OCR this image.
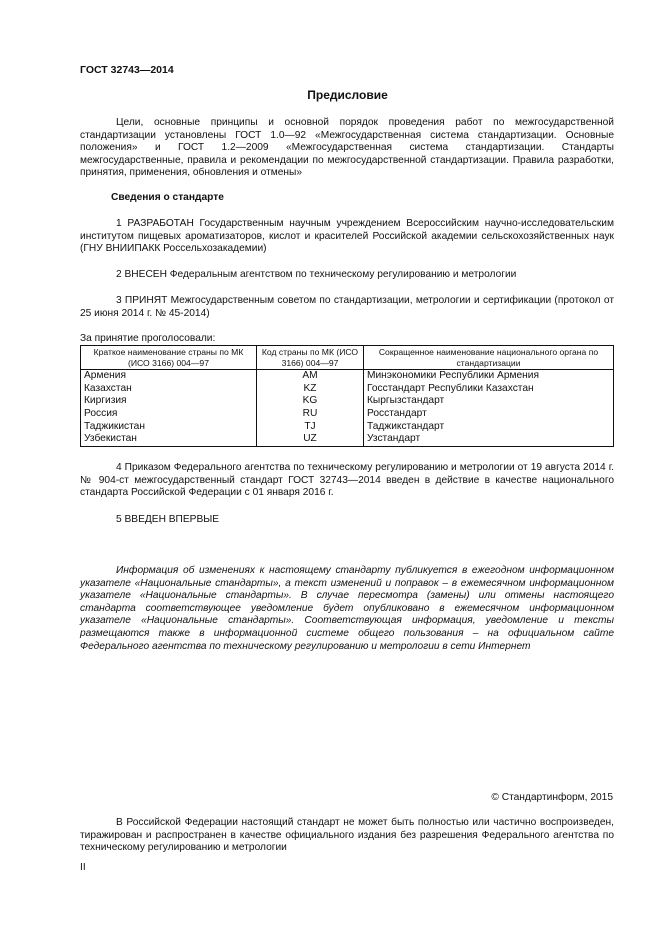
ГОСТ 32743—2014
Предисловие
Цели, основные принципы и основной порядок проведения работ по межгосударственной стандартизации установлены ГОСТ 1.0—92 «Межгосударственная система стандартизации. Основные положения» и ГОСТ 1.2—2009 «Межгосударственная система стандартизации. Стандарты межгосударственные, правила и рекомендации по межгосударственной стандартизации. Правила разработки, принятия, применения, обновления и отмены»
Сведения о стандарте
1 РАЗРАБОТАН Государственным научным учреждением Всероссийским научно-исследовательским институтом пищевых ароматизаторов, кислот и красителей Российской академии сельскохозяйственных наук (ГНУ ВНИИПАКК Россельхозакадемии)
2 ВНЕСЕН Федеральным агентством по техническому регулированию и метрологии
3 ПРИНЯТ Межгосударственным советом по стандартизации, метрологии и сертификации (протокол от 25 июня 2014 г. № 45-2014)
За принятие проголосовали:
Краткое наименование страны по МК (ИСО 3166) 004—97	Код страны по МК (ИСО 3166) 004—97	Сокращенное наименование национального органа по стандартизации
Армения	AM	Минэкономики Республики Армения
Казахстан	KZ	Госстандарт Республики Казахстан
Киргизия	KG	Кыргызстандарт
Россия	RU	Росстандарт
Таджикистан	TJ	Таджикстандарт
Узбекистан	UZ	Узстандарт
4 Приказом Федерального агентства по техническому регулированию и метрологии от 19 августа 2014 г. № 904-ст межгосударственный стандарт ГОСТ 32743—2014 введен в действие в качестве национального стандарта Российской Федерации с 01 января 2016 г.
5 ВВЕДЕН ВПЕРВЫЕ
Информация об изменениях к настоящему стандарту публикуется в ежегодном информационном указателе «Национальные стандарты», а текст изменений и поправок – в ежемесячном информационном указателе «Национальные стандарты». В случае пересмотра (замены) или отмены настоящего стандарта соответствующее уведомление будет опубликовано в ежемесячном информационном указателе «Национальные стандарты». Соответствующая информация, уведомление и тексты размещаются также в информационной системе общего пользования – на официальном сайте Федерального агентства по техническому регулированию и метрологии в сети Интернет
© Стандартинформ, 2015
В Российской Федерации настоящий стандарт не может быть полностью или частично воспроизведен, тиражирован и распространен в качестве официального издания без разрешения Федерального агентства по техническому регулированию и метрологии
II
